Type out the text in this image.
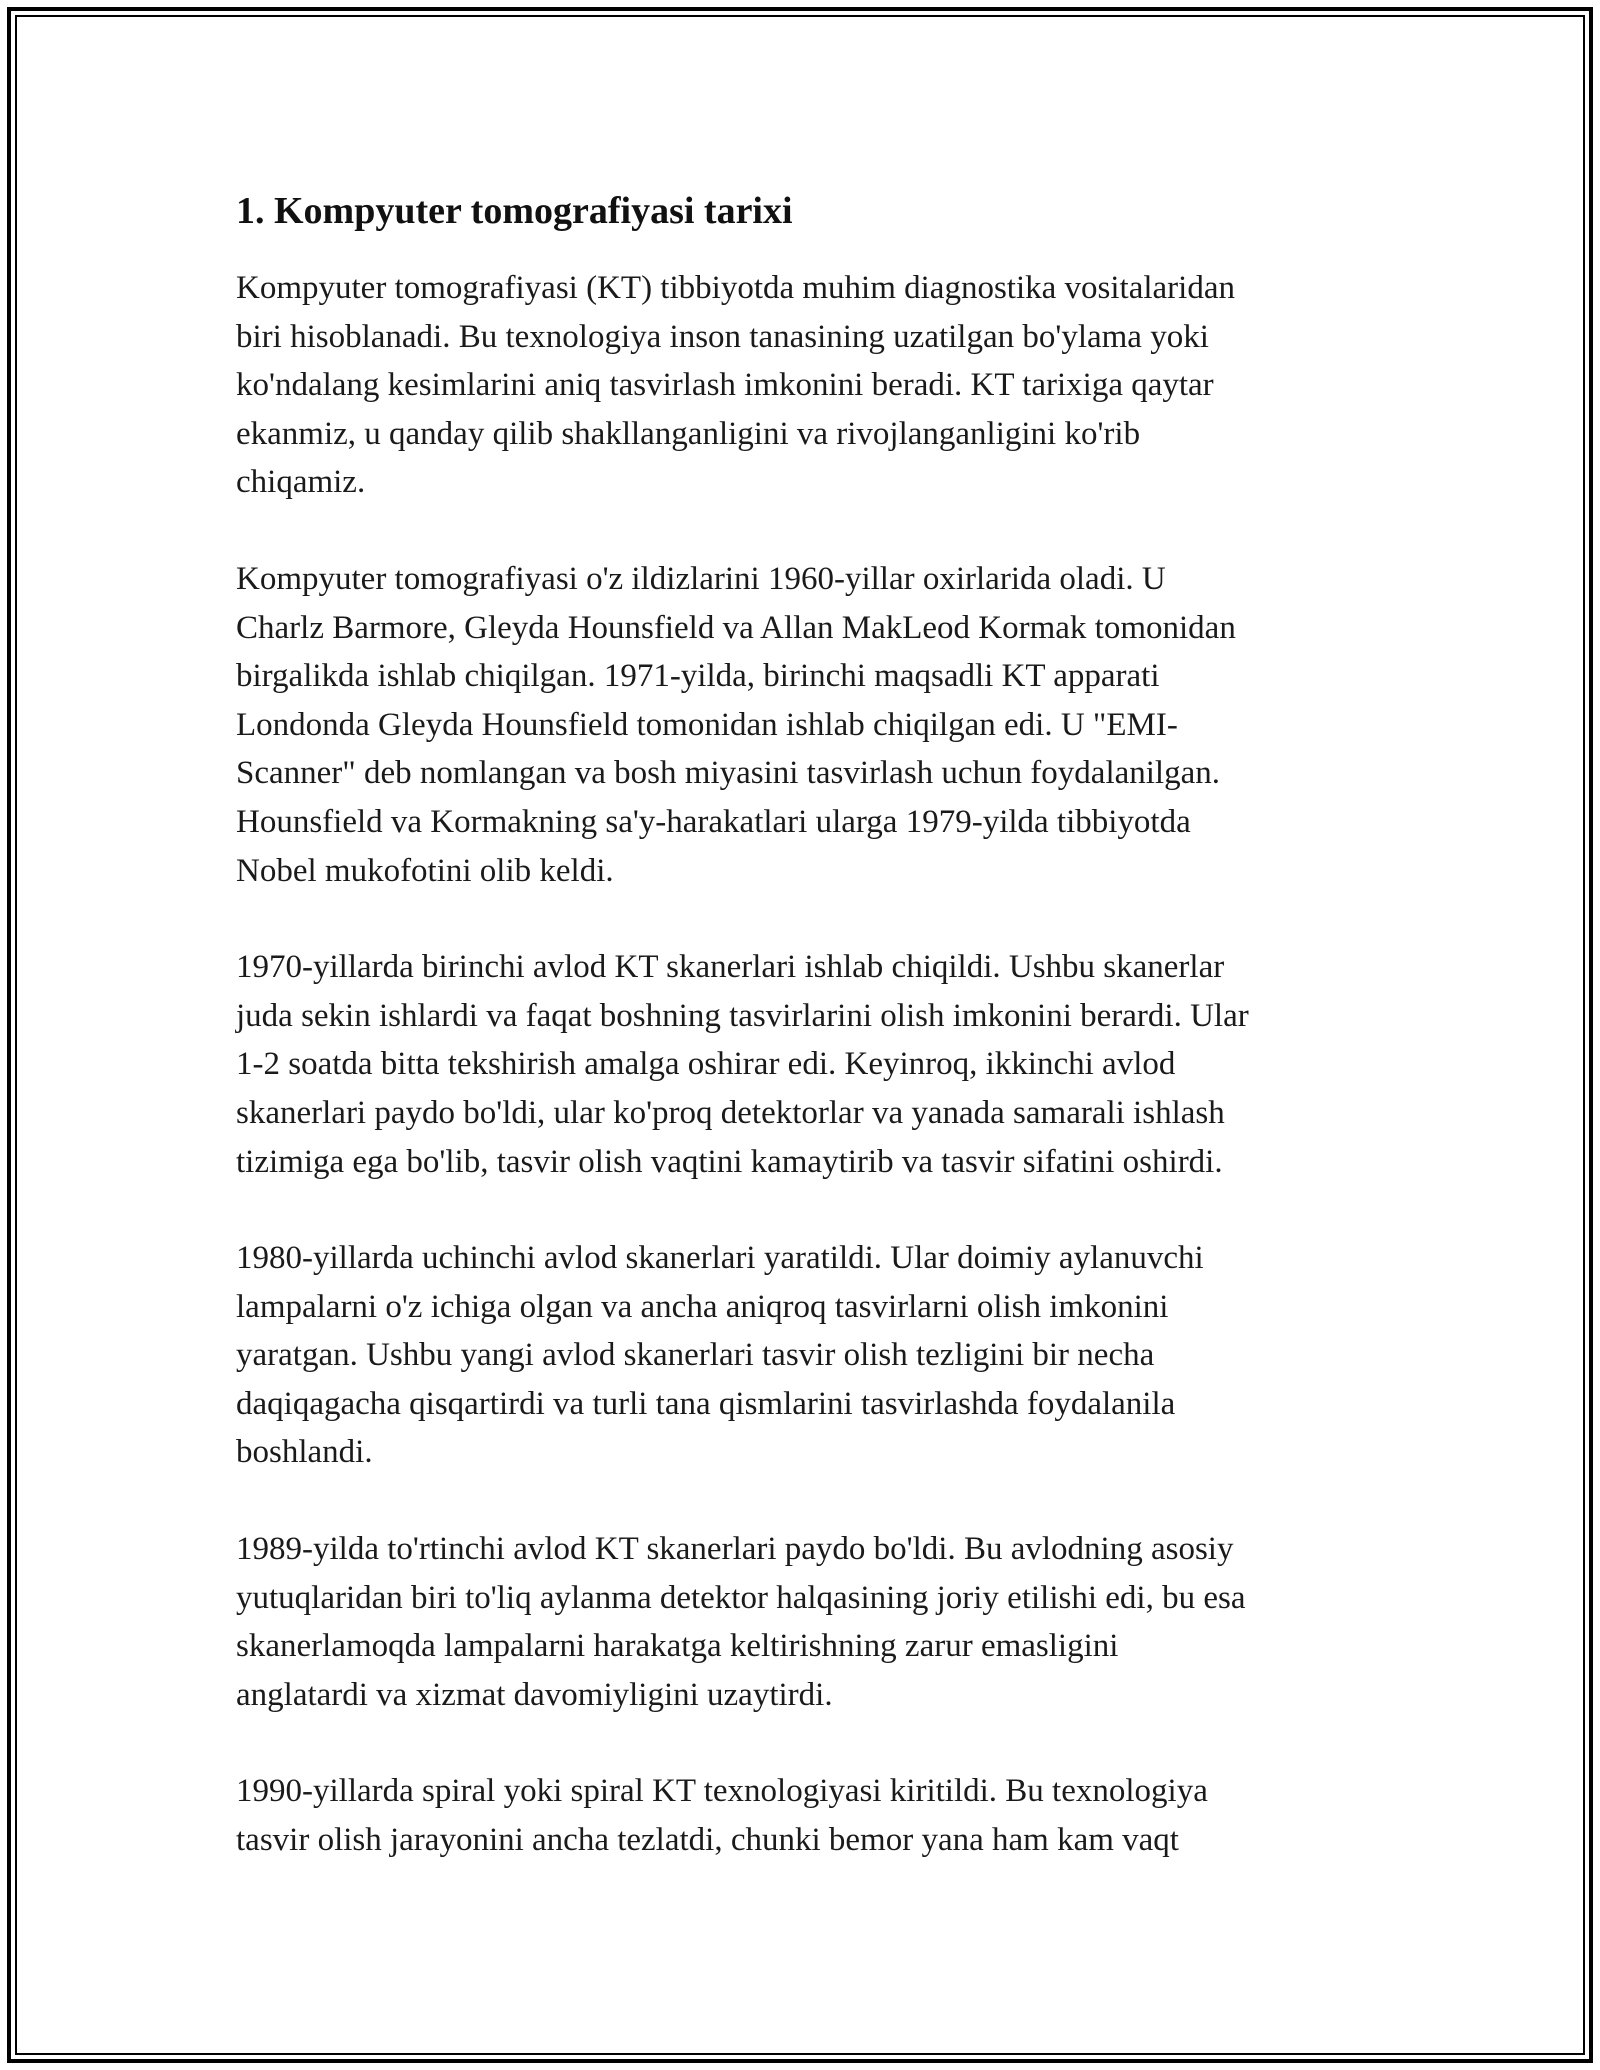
1. Kompyuter tomografiyasi tarixi

Kompyuter tomografiyasi (KT) tibbiyotda muhim diagnostika vositalaridan
biri hisoblanadi. Bu texnologiya inson tanasining uzatilgan bo'ylama yoki
ko'ndalang kesimlarini aniq tasvirlash imkonini beradi. KT tarixiga qaytar
ekanmiz, u qanday qilib shakllanganligini va rivojlanganligini ko'rib
chiqamiz.

Kompyuter tomografiyasi o'z ildizlarini 1960-yillar oxirlarida oladi. U
Charlz Barmore, Gleyda Hounsfield va Allan MakLeod Kormak tomonidan
birgalikda ishlab chiqilgan. 1971-yilda, birinchi maqsadli KT apparati
Londonda Gleyda Hounsfield tomonidan ishlab chiqilgan edi. U "EMI-
Scanner" deb nomlangan va bosh miyasini tasvirlash uchun foydalanilgan.
Hounsfield va Kormakning sa'y-harakatlari ularga 1979-yilda tibbiyotda
Nobel mukofotini olib keldi.

1970-yillarda birinchi avlod KT skanerlari ishlab chiqildi. Ushbu skanerlar
juda sekin ishlardi va faqat boshning tasvirlarini olish imkonini berardi. Ular
1-2 soatda bitta tekshirish amalga oshirar edi. Keyinroq, ikkinchi avlod
skanerlari paydo bo'ldi, ular ko'proq detektorlar va yanada samarali ishlash
tizimiga ega bo'lib, tasvir olish vaqtini kamaytirib va tasvir sifatini oshirdi.

1980-yillarda uchinchi avlod skanerlari yaratildi. Ular doimiy aylanuvchi
lampalarni o'z ichiga olgan va ancha aniqroq tasvirlarni olish imkonini
yaratgan. Ushbu yangi avlod skanerlari tasvir olish tezligini bir necha
daqiqagacha qisqartirdi va turli tana qismlarini tasvirlashda foydalanila
boshlandi.

1989-yilda to'rtinchi avlod KT skanerlari paydo bo'ldi. Bu avlodning asosiy
yutuqlaridan biri to'liq aylanma detektor halqasining joriy etilishi edi, bu esa
skanerlamoqda lampalarni harakatga keltirishning zarur emasligini
anglatardi va xizmat davomiyligini uzaytirdi.

1990-yillarda spiral yoki spiral KT texnologiyasi kiritildi. Bu texnologiya
tasvir olish jarayonini ancha tezlatdi, chunki bemor yana ham kam vaqt
